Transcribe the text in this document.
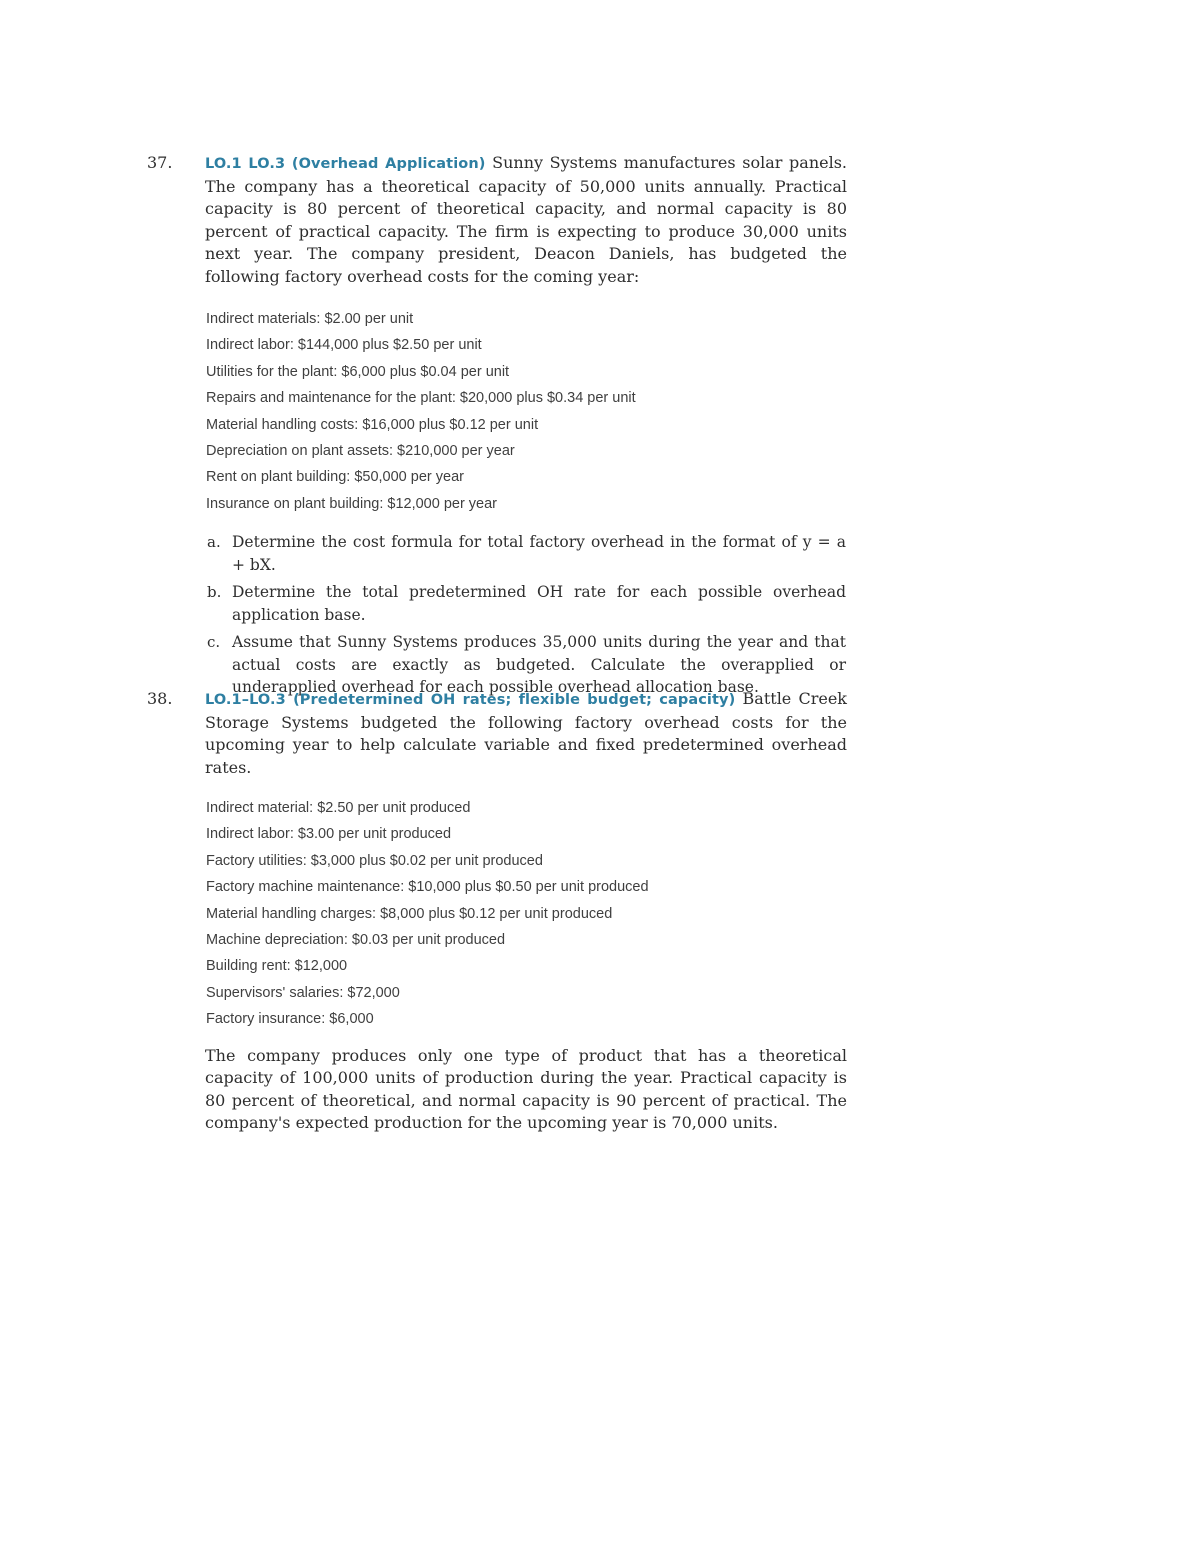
37. LO.1 LO.3 (Overhead Application) Sunny Systems manufactures solar panels. The company has a theoretical capacity of 50,000 units annually. Practical capacity is 80 percent of theoretical capacity, and normal capacity is 80 percent of practical capacity. The firm is expecting to produce 30,000 units next year. The company president, Deacon Daniels, has budgeted the following factory overhead costs for the coming year:

Indirect materials: $2.00 per unit
Indirect labor: $144,000 plus $2.50 per unit
Utilities for the plant: $6,000 plus $0.04 per unit
Repairs and maintenance for the plant: $20,000 plus $0.34 per unit
Material handling costs: $16,000 plus $0.12 per unit
Depreciation on plant assets: $210,000 per year
Rent on plant building: $50,000 per year
Insurance on plant building: $12,000 per year
a. Determine the cost formula for total factory overhead in the format of y = a + bX.
b. Determine the total predetermined OH rate for each possible overhead application base.
c. Assume that Sunny Systems produces 35,000 units during the year and that actual costs are exactly as budgeted. Calculate the overapplied or underapplied overhead for each possible overhead allocation base.

38. LO.1–LO.3 (Predetermined OH rates; flexible budget; capacity) Battle Creek Storage Systems budgeted the following factory overhead costs for the upcoming year to help calculate variable and fixed predetermined overhead rates.

Indirect material: $2.50 per unit produced
Indirect labor: $3.00 per unit produced
Factory utilities: $3,000 plus $0.02 per unit produced
Factory machine maintenance: $10,000 plus $0.50 per unit produced
Material handling charges: $8,000 plus $0.12 per unit produced
Machine depreciation: $0.03 per unit produced
Building rent: $12,000
Supervisors' salaries: $72,000
Factory insurance: $6,000

The company produces only one type of product that has a theoretical capacity of 100,000 units of production during the year. Practical capacity is 80 percent of theoretical, and normal capacity is 90 percent of practical. The company's expected production for the upcoming year is 70,000 units.
